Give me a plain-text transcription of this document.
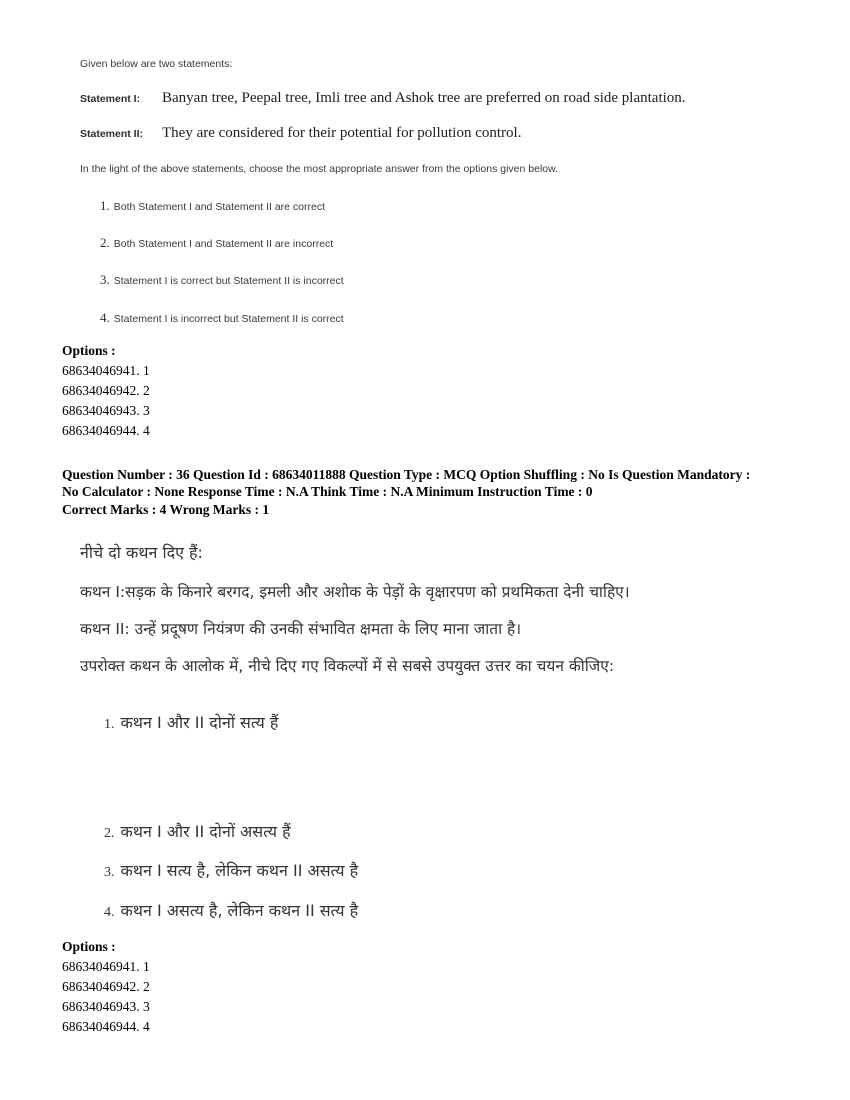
Given below are two statements:
Statement I: Banyan tree, Peepal tree, Imli tree and Ashok tree are preferred on road side plantation.
Statement II: They are considered for their potential for pollution control.
In the light of the above statements, choose the most appropriate answer from the options given below.
1. Both Statement I and Statement II are correct
2. Both Statement I and Statement II are incorrect
3. Statement I is correct but Statement II is incorrect
4. Statement I is incorrect but Statement II is correct
Options :
68634046941. 1
68634046942. 2
68634046943. 3
68634046944. 4
Question Number : 36 Question Id : 68634011888 Question Type : MCQ Option Shuffling : No Is Question Mandatory :
No Calculator : None Response Time : N.A Think Time : N.A Minimum Instruction Time : 0
Correct Marks : 4 Wrong Marks : 1
नीचे दो कथन दिए हैं:
कथन I:सड़क के किनारे बरगद, इमली और अशोक के पेड़ों के वृक्षारपण को प्रथमिकता देनी चाहिए।
कथन II: उन्हें प्रदूषण नियंत्रण की उनकी संभावित क्षमता के लिए माना जाता है।
उपरोक्त कथन के आलोक में, नीचे दिए गए विकल्पों में से सबसे उपयुक्त उत्तर का चयन कीजिए:
1. कथन I और II दोनों सत्य हैं
2. कथन I और II दोनों असत्य हैं
3. कथन I सत्य है, लेकिन कथन II असत्य है
4. कथन I असत्य है, लेकिन कथन II सत्य है
Options :
68634046941. 1
68634046942. 2
68634046943. 3
68634046944. 4
